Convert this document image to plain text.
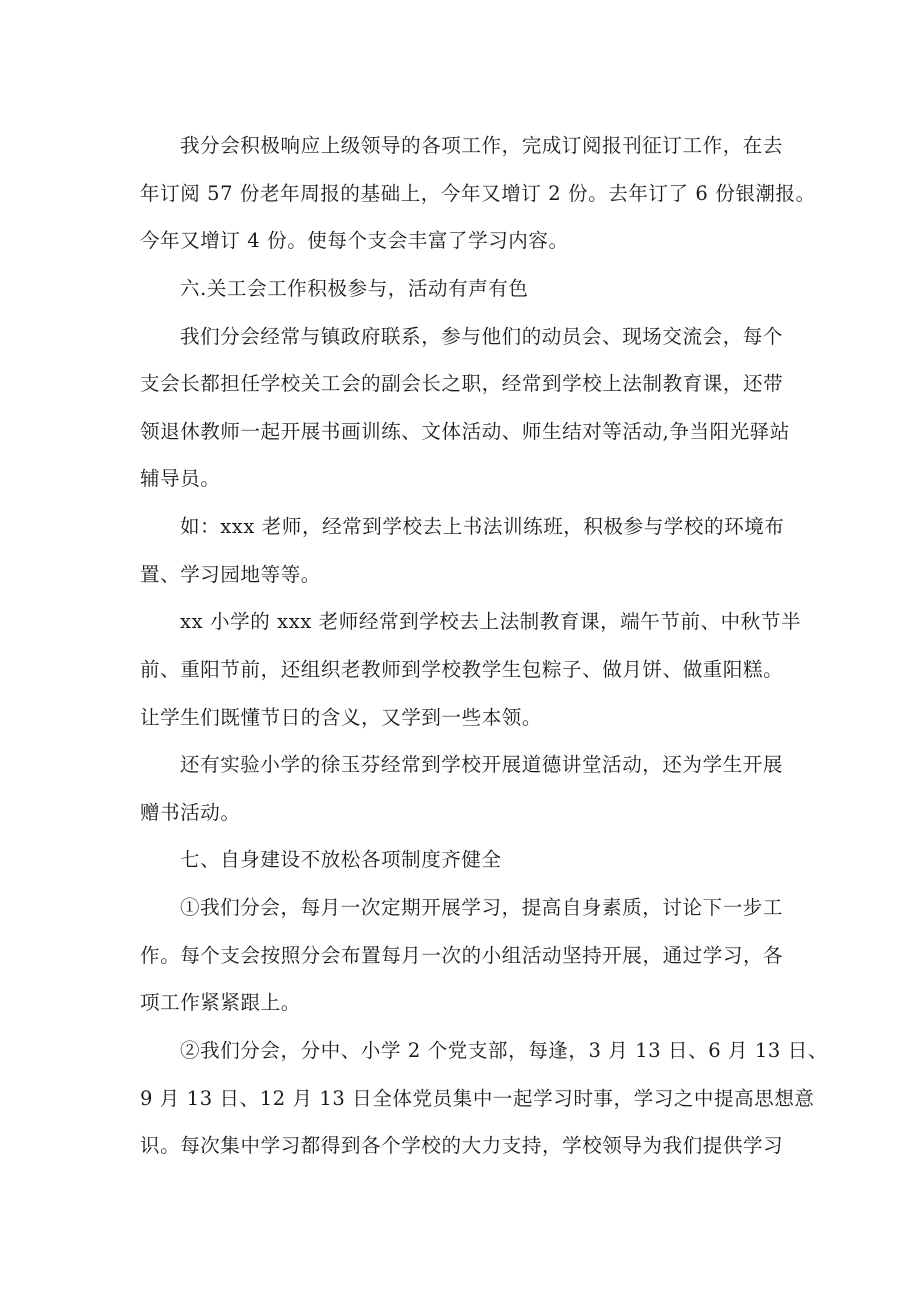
我分会积极响应上级领导的各项工作，完成订阅报刊征订工作，在去
年订阅 57 份老年周报的基础上，今年又增订 2 份。去年订了 6 份银潮报。
今年又增订 4 份。使每个支会丰富了学习内容。
六.关工会工作积极参与，活动有声有色
我们分会经常与镇政府联系，参与他们的动员会、现场交流会，每个
支会长都担任学校关工会的副会长之职，经常到学校上法制教育课，还带
领退休教师一起开展书画训练、文体活动、师生结对等活动,争当阳光驿站
辅导员。
如：xxx 老师，经常到学校去上书法训练班，积极参与学校的环境布
置、学习园地等等。
xx 小学的 xxx 老师经常到学校去上法制教育课，端午节前、中秋节半
前、重阳节前，还组织老教师到学校教学生包粽子、做月饼、做重阳糕。
让学生们既懂节日的含义，又学到一些本领。
还有实验小学的徐玉芬经常到学校开展道德讲堂活动，还为学生开展
赠书活动。
七、自身建设不放松各项制度齐健全
①我们分会，每月一次定期开展学习，提高自身素质，讨论下一步工
作。每个支会按照分会布置每月一次的小组活动坚持开展，通过学习，各
项工作紧紧跟上。
②我们分会，分中、小学 2 个党支部，每逢，3 月 13 日、6 月 13 日、
9 月 13 日、12 月 13 日全体党员集中一起学习时事，学习之中提高思想意
识。每次集中学习都得到各个学校的大力支持，学校领导为我们提供学习
